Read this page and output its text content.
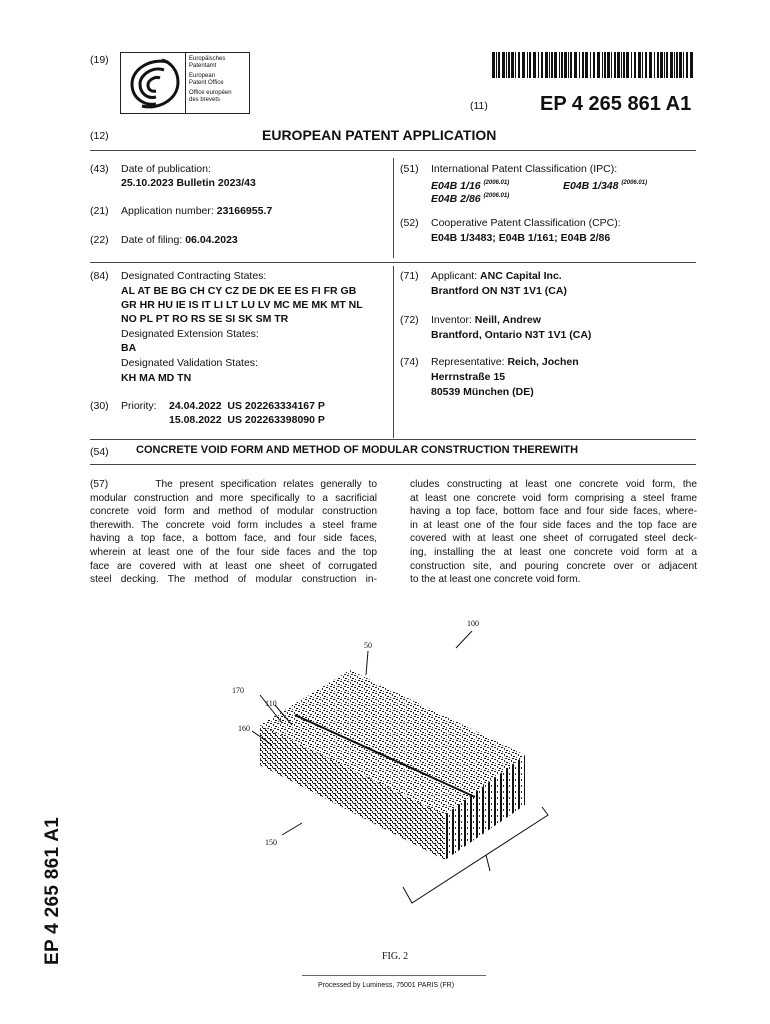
(19)	Europäisches
Patentamt
European
Patent Office
Office européen
des brevets	(11)	EP 4 265 861 A1
(12)	EUROPEAN PATENT APPLICATION
(43) Date of publication:
25.10.2023 Bulletin 2023/43
(21) Application number: 23166955.7
(22) Date of filing: 06.04.2023
(51) International Patent Classification (IPC):
E04B 1/16 $^{(2006.01)}$	E04B 1/348 $^{(2006.01)}$
E04B 2/86 $^{(2006.01)}$
(52) Cooperative Patent Classification (CPC):
E04B 1/3483; E04B 1/161; E04B 2/86
(84) Designated Contracting States:
AL AT BE BG CH CY CZ DE DK EE ES FI FR GB
GR HR HU IE IS IT LI LT LU LV MC ME MK MT NL
NO PL PT RO RS SE SI SK SM TR
Designated Extension States:
BA
Designated Validation States:
KH MA MD TN
(30) Priority: 24.04.2022  US 202263334167 P
15.08.2022  US 202263398090 P
(71) Applicant: ANC Capital Inc.
Brantford ON N3T 1V1 (CA)
(72) Inventor: Neill, Andrew
Brantford, Ontario N3T 1V1 (CA)
(74) Representative: Reich, Jochen
Herrnstraße 15
80539 München (DE)
(54) CONCRETE VOID FORM AND METHOD OF MODULAR CONSTRUCTION THEREWITH
(57)	The present specification relates generally to
modular construction and more specifically to a sacrificial
concrete void form and method of modular construction
therewith. The concrete void form includes a steel frame
having a top face, a bottom face, and four side faces,
wherein at least one of the four side faces and the top
face are covered with at least one sheet of corrugated
steel decking. The method of modular construction in-
cludes constructing at least one concrete void form, the
at least one concrete void form comprising a steel frame
having a top face, bottom face and four side faces, where-
in at least one of the four side faces and the top face are
covered with at least one sheet of corrugated steel deck-
ing, installing the at least one concrete void form at a
construction site, and pouring concrete over or adjacent
to the at least one concrete void form.
100
50
170
110
160
150
FIG. 2
Processed by Luminess, 75001 PARIS (FR)
EP 4 265 861 A1
